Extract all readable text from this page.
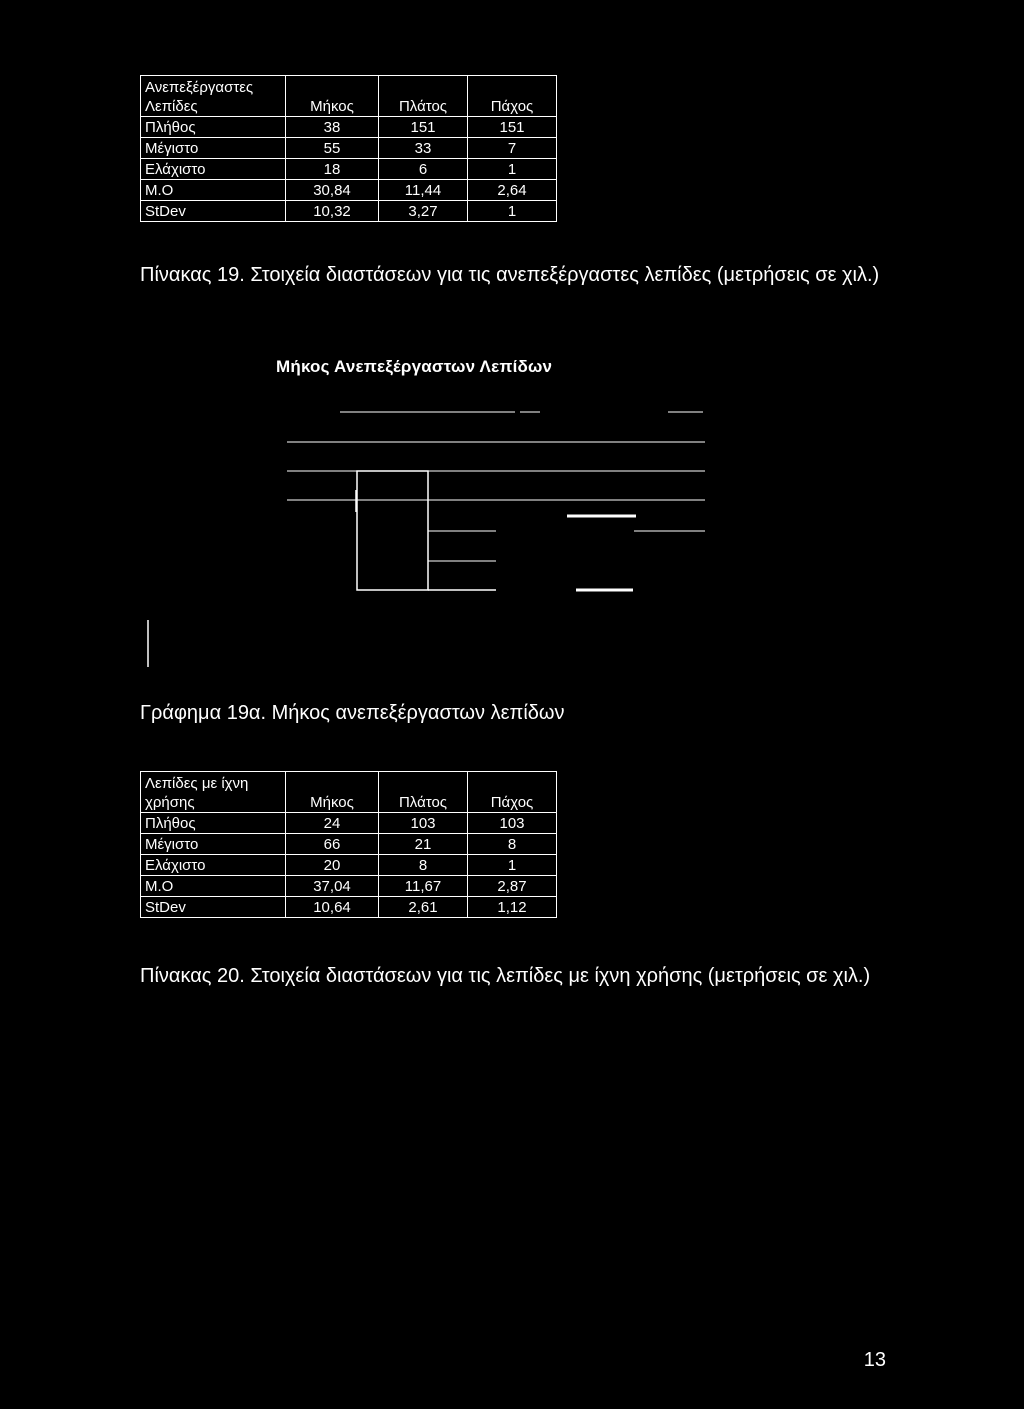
Ανεπεξέργαστες
Λεπίδες	Μήκος	Πλάτος	Πάχος
Πλήθος	38	151	151
Μέγιστο	55	33	7
Ελάχιστο	18	6	1
Μ.Ο	30,84	11,44	2,64
StDev	10,32	3,27	1
Πίνακας 19. Στοιχεία διαστάσεων για τις ανεπεξέργαστες λεπίδες (μετρήσεις σε χιλ.)
Μήκος Ανεπεξέργαστων Λεπίδων
Γράφημα 19α. Μήκος ανεπεξέργαστων λεπίδων
Λεπίδες με ίχνη
χρήσης	Μήκος	Πλάτος	Πάχος
Πλήθος	24	103	103
Μέγιστο	66	21	8
Ελάχιστο	20	8	1
Μ.Ο	37,04	11,67	2,87
StDev	10,64	2,61	1,12
Πίνακας 20. Στοιχεία διαστάσεων για τις λεπίδες με ίχνη χρήσης (μετρήσεις σε χιλ.)
13
